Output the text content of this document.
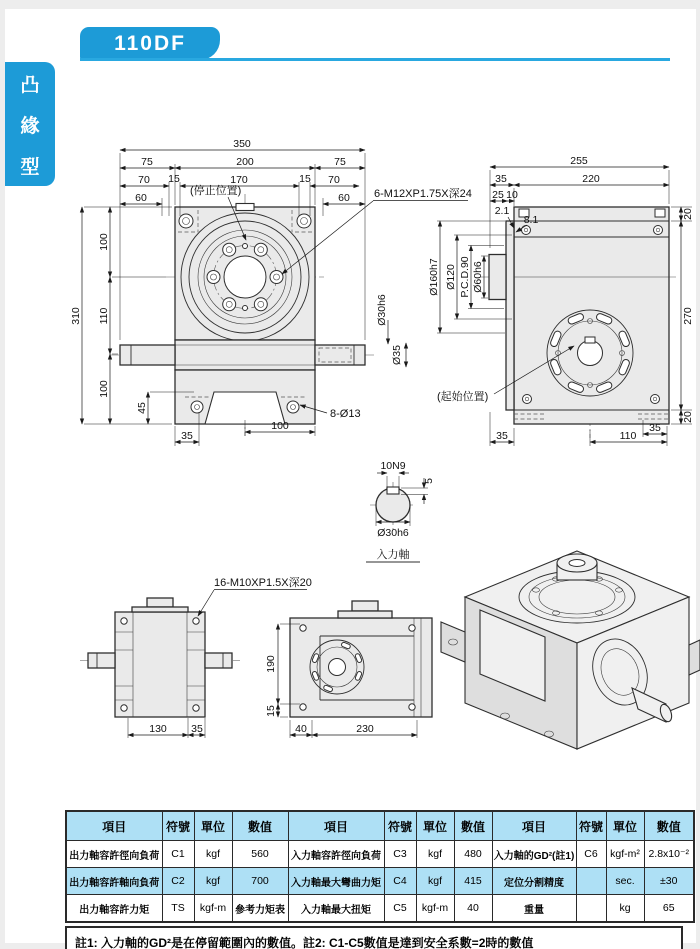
110DF
凸
緣
型
350
75	200	75
70 15	170	15 70
60	60
310
100
110
100
45
35
100
(停止位置)	6-M12XP1.75X深24
8-Ø13
Ø30h6
Ø35
255
35	220
25 10
2.1
8.1
Ø160h7 Ø120 P.C.D.90 Ø60h6
20
270
20
35	110
35
(起始位置)
10N9
5
Ø30h6
入力軸
130 35
16-M10XP1.5X深20
190
15
40	230
項目	符號	單位	數值	項目	符號	單位	數值	項目	符號	單位	數值
出力軸容許徑向負荷	C1	kgf	560	入力軸容許徑向負荷	C3	kgf	480	入力軸的GD²(註1)	C6	kgf-m²	2.8x10⁻²
出力軸容許軸向負荷	C2	kgf	700	入力軸最大彎曲力矩	C4	kgf	415	定位分割精度		sec.	±30
出力軸容許力矩	TS	kgf-m	參考力矩表	入力軸最大扭矩	C5	kgf-m	40	重量		kg	65
註1: 入力軸的GD²是在停留範圍內的數值。註2: C1-C5數值是達到安全系數=2時的數值
